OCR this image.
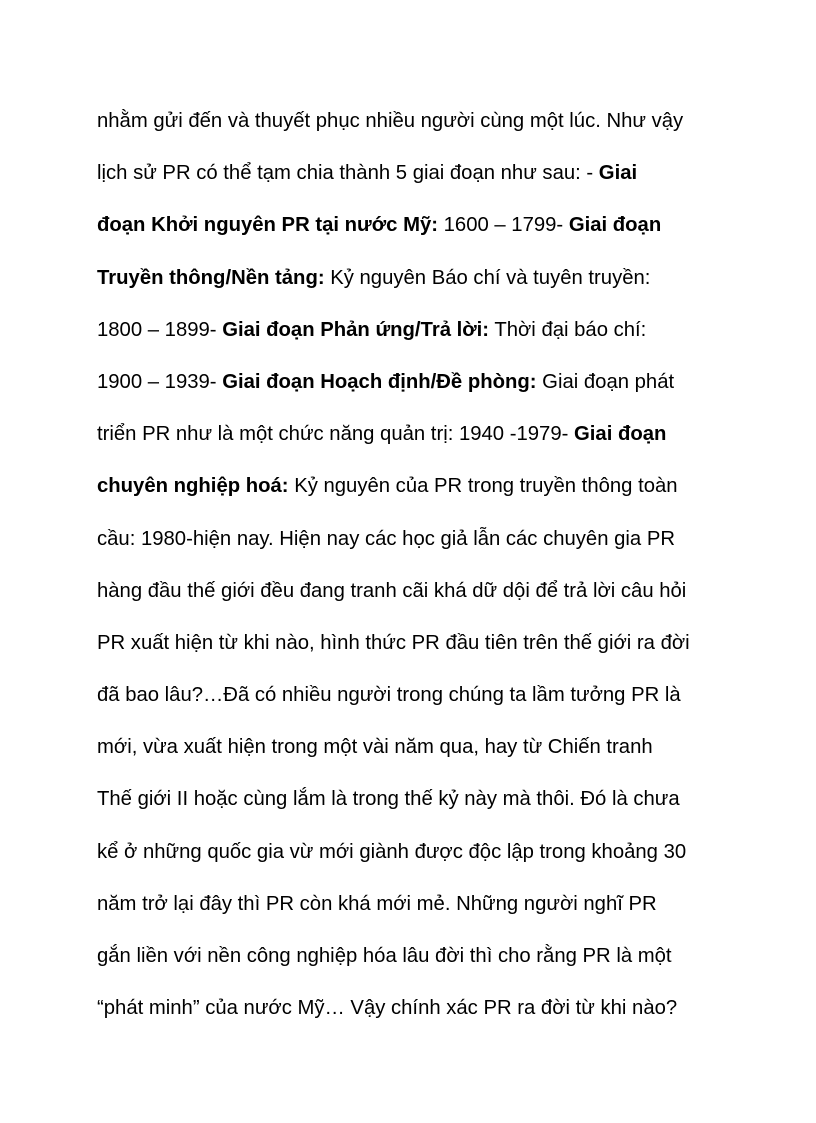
nhằm gửi đến và thuyết phục nhiều người cùng một lúc. Như vậy
lịch sử PR có thể tạm chia thành 5 giai đoạn như sau: - Giai
đoạn Khởi nguyên PR tại nước Mỹ: 1600 – 1799- Giai đoạn
Truyền thông/Nền tảng: Kỷ nguyên Báo chí và tuyên truyền:
1800 – 1899- Giai đoạn Phản ứng/Trả lời: Thời đại báo chí:
1900 – 1939- Giai đoạn Hoạch định/Đề phòng: Giai đoạn phát
triển PR như là một chức năng quản trị: 1940 -1979- Giai đoạn
chuyên nghiệp hoá: Kỷ nguyên của PR trong truyền thông toàn
cầu: 1980-hiện nay. Hiện nay các học giả lẫn các chuyên gia PR
hàng đầu thế giới đều đang tranh cãi khá dữ dội để trả lời câu hỏi
PR xuất hiện từ khi nào, hình thức PR đầu tiên trên thế giới ra đời
đã bao lâu?…Đã có nhiều người trong chúng ta lầm tưởng PR là
mới, vừa xuất hiện trong một vài năm qua, hay từ Chiến tranh
Thế giới II hoặc cùng lắm là trong thế kỷ này mà thôi. Đó là chưa
kể ở những quốc gia vừ mới giành được độc lập trong khoảng 30
năm trở lại đây thì PR còn khá mới mẻ. Những người nghĩ PR
gắn liền với nền công nghiệp hóa lâu đời thì cho rằng PR là một
“phát minh” của nước Mỹ… Vậy chính xác PR ra đời từ khi nào?
